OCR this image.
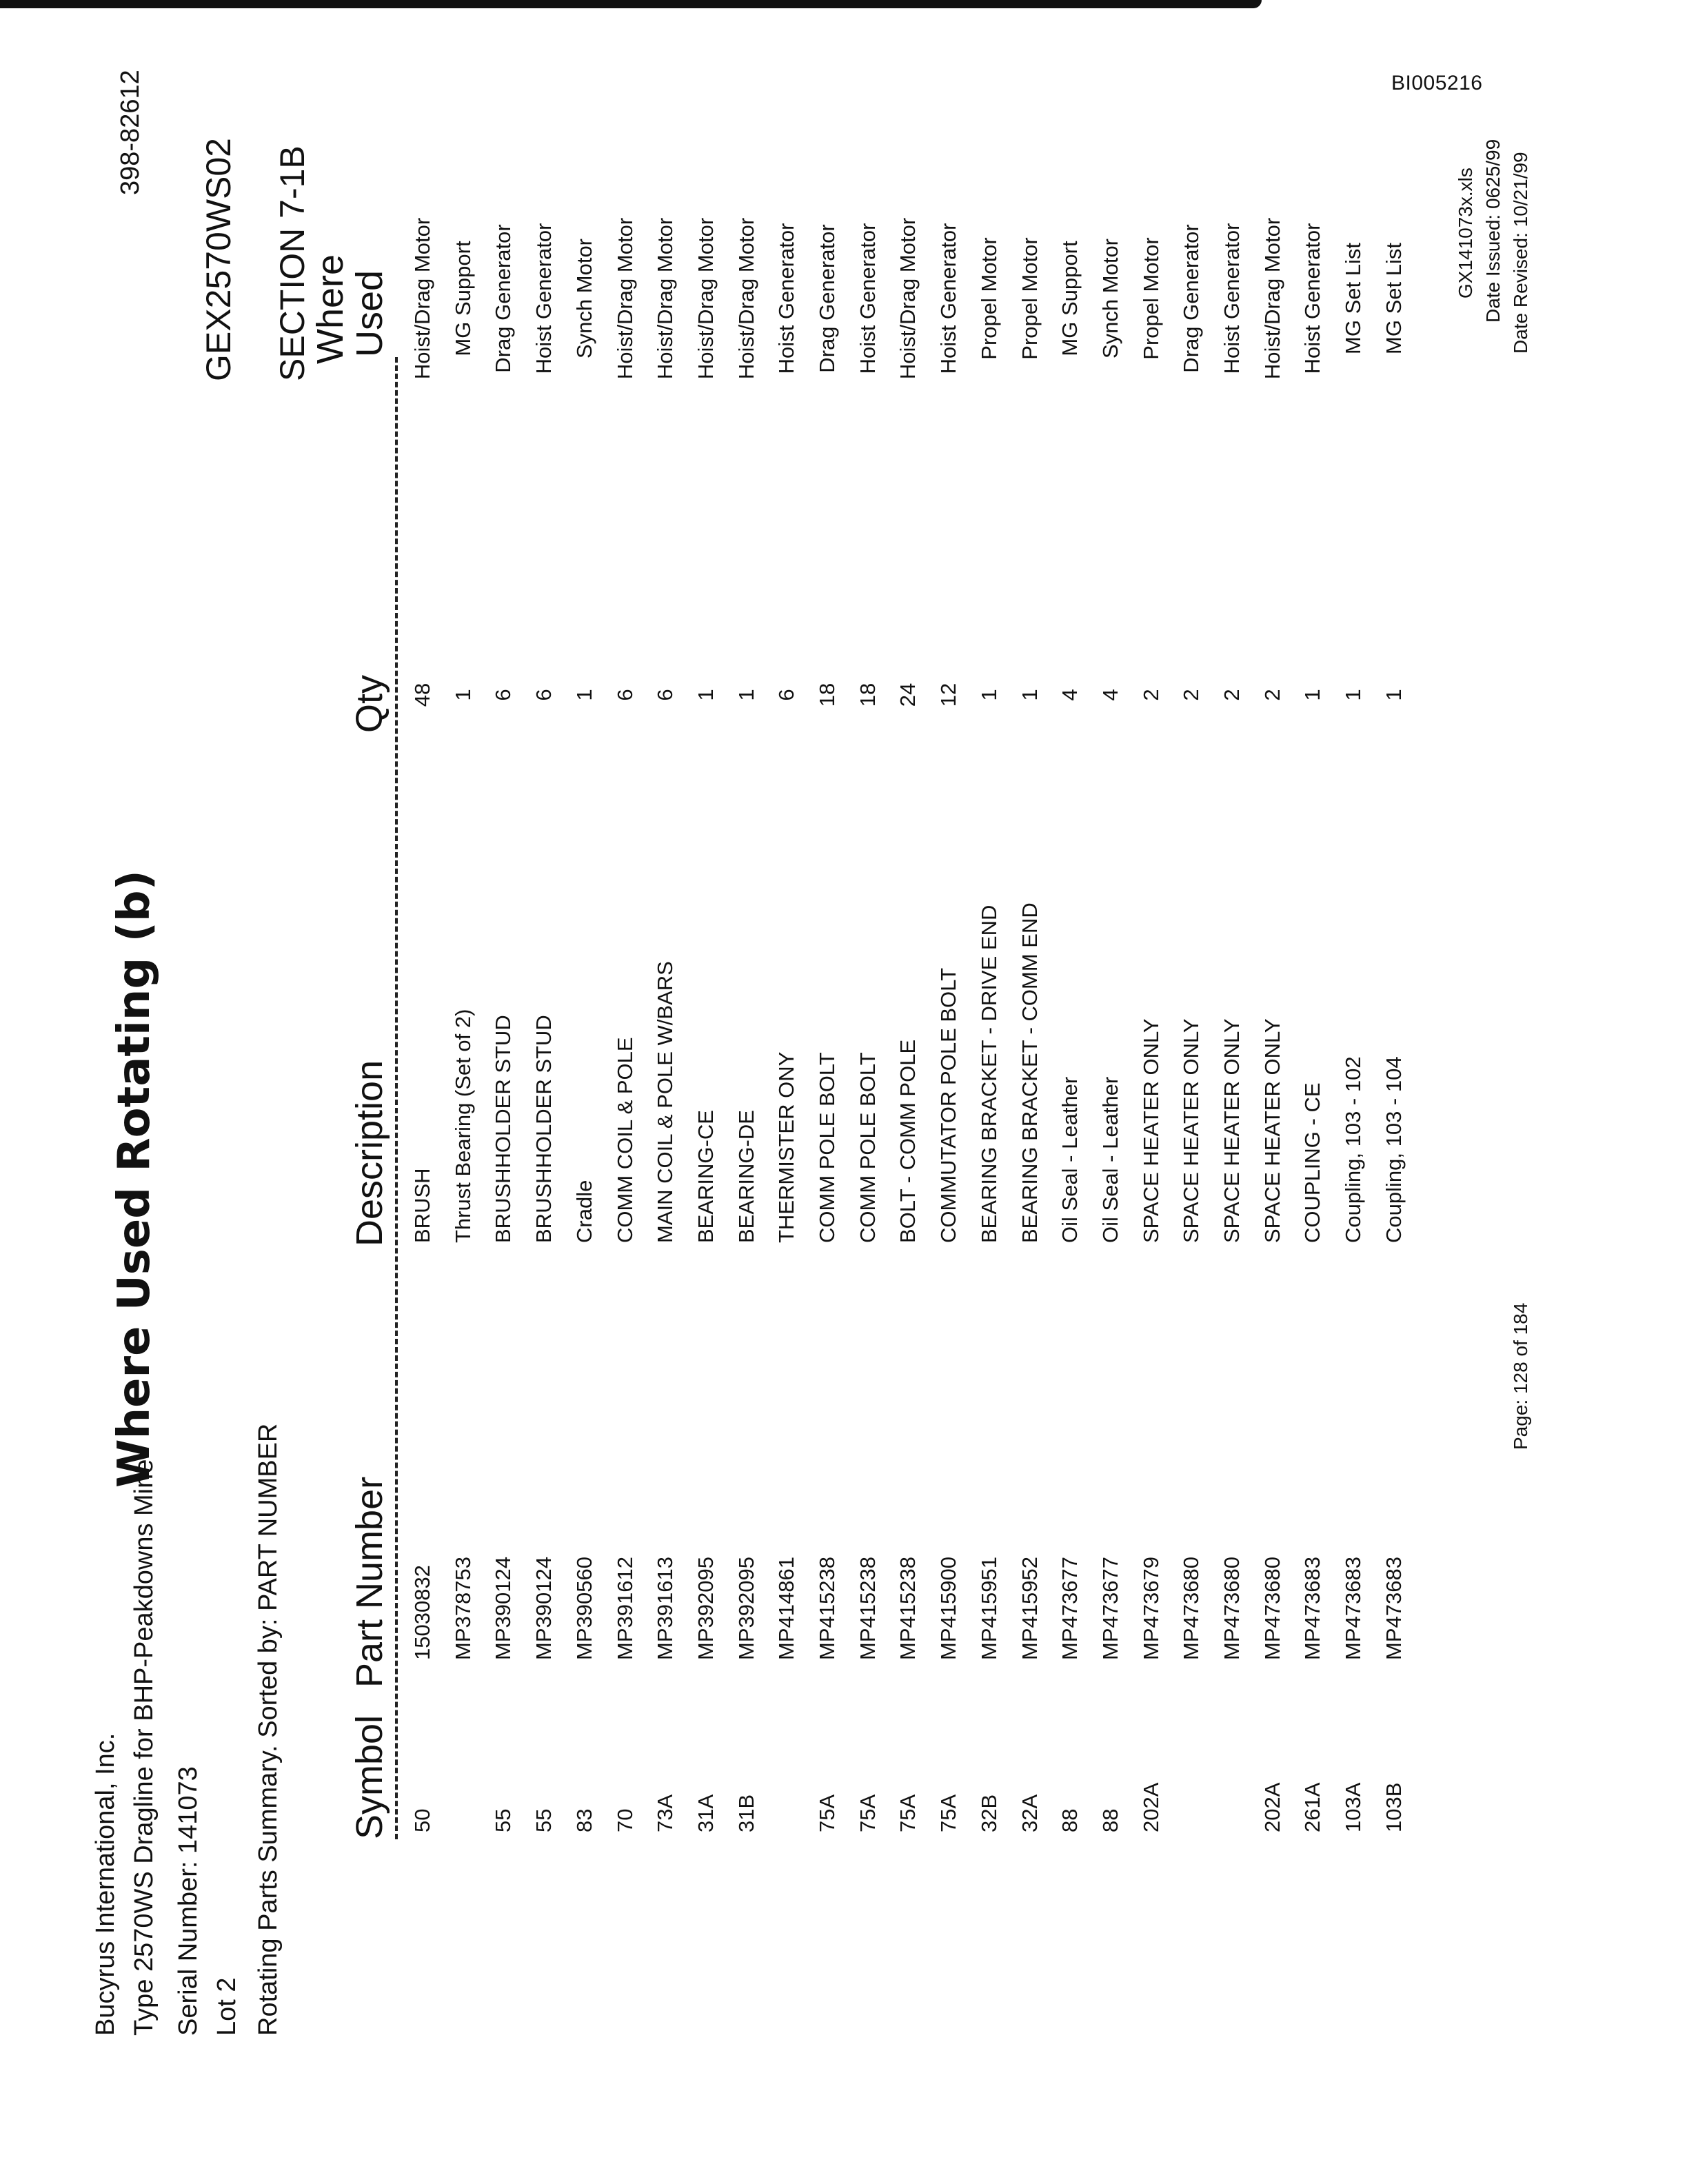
BI005216
Bucyrus International, Inc. Type 2570WS Dragline for BHP-Peakdowns Mine
398-82612
Serial Number: 141073
Where Used Rotating (b)
GEX2570WS02
Lot 2 Rotating Parts Summary. Sorted by: PART NUMBER
SECTION 7-1B
Symbol
Part Number
Description
Qty
Where
Used
50
15030832
BRUSH
48
Hoist/Drag Motor
MP378753
Thrust Bearing (Set of 2)
1
MG Support
55
MP390124
BRUSHHOLDER STUD
6
Drag Generator
55
MP390124
BRUSHHOLDER STUD
6
Hoist Generator
83
MP390560
Cradle
1
Synch Motor
70
MP391612
COMM COIL & POLE
6
Hoist/Drag Motor
73A
MP391613
MAIN COIL & POLE W/BARS
6
Hoist/Drag Motor
31A
MP392095
BEARING-CE
1
Hoist/Drag Motor
31B
MP392095
BEARING-DE
1
Hoist/Drag Motor
MP414861
THERMISTER ONY
6
Hoist Generator
75A
MP415238
COMM POLE BOLT
18
Drag Generator
75A
MP415238
COMM POLE BOLT
18
Hoist Generator
75A
MP415238
BOLT - COMM POLE
24
Hoist/Drag Motor
75A
MP415900
COMMUTATOR POLE BOLT
12
Hoist Generator
32B
MP415951
BEARING BRACKET - DRIVE END
1
Propel Motor
32A
MP415952
BEARING BRACKET - COMM END
1
Propel Motor
88
MP473677
Oil Seal - Leather
4
MG Support
88
MP473677
Oil Seal - Leather
4
Synch Motor
202A
MP473679
SPACE HEATER ONLY
2
Propel Motor
MP473680
SPACE HEATER ONLY
2
Drag Generator
MP473680
SPACE HEATER ONLY
2
Hoist Generator
202A
MP473680
SPACE HEATER ONLY
2
Hoist/Drag Motor
261A
MP473683
COUPLING - CE
1
Hoist Generator
103A
MP473683
Coupling, 103 - 102
1
MG Set List
103B
MP473683
Coupling, 103 - 104
1
MG Set List
Page: 128 of 184
GX141073x.xls Date Issued: 0625/99 Date Revised: 10/21/99
